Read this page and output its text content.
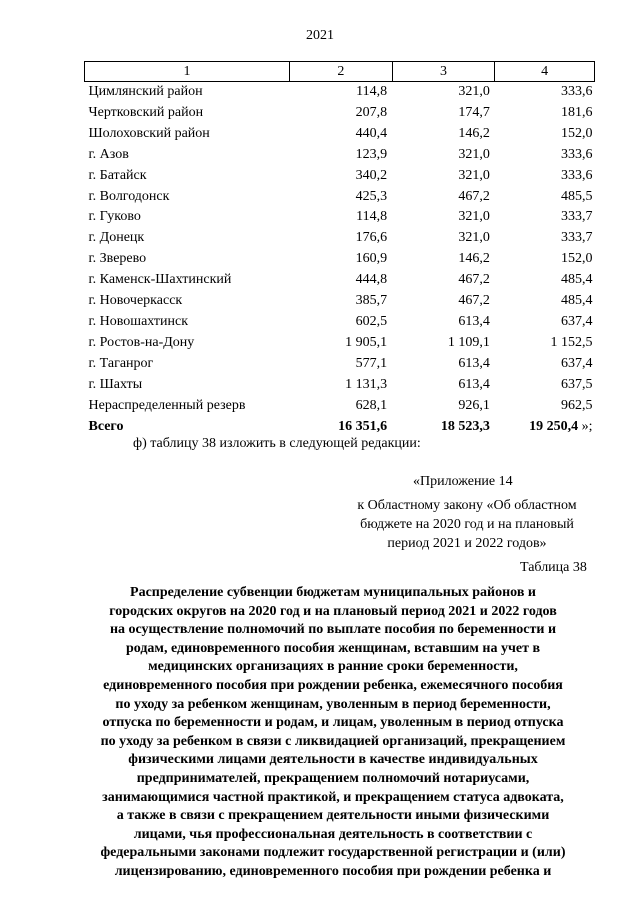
2021
1	2	3	4
Цимлянский район	114,8	321,0	333,6
Чертковский район	207,8	174,7	181,6
Шолоховский район	440,4	146,2	152,0
г. Азов	123,9	321,0	333,6
г. Батайск	340,2	321,0	333,6
г. Волгодонск	425,3	467,2	485,5
г. Гуково	114,8	321,0	333,7
г. Донецк	176,6	321,0	333,7
г. Зверево	160,9	146,2	152,0
г. Каменск-Шахтинский	444,8	467,2	485,4
г. Новочеркасск	385,7	467,2	485,4
г. Новошахтинск	602,5	613,4	637,4
г. Ростов-на-Дону	1 905,1	1 109,1	1 152,5
г. Таганрог	577,1	613,4	637,4
г. Шахты	1 131,3	613,4	637,5
Нераспределенный резерв	628,1	926,1	962,5
Всего	16 351,6	18 523,3	19 250,4 »;
ф) таблицу 38 изложить в следующей редакции:
«Приложение 14
к Областному закону «Об областном
бюджете на 2020 год и на плановый
период 2021 и 2022 годов»
Таблица 38
Распределение субвенции бюджетам муниципальных районов и
городских округов на 2020 год и на плановый период 2021 и 2022 годов
на осуществление полномочий по выплате пособия по беременности и
родам, единовременного пособия женщинам, вставшим на учет в
медицинских организациях в ранние сроки беременности,
единовременного пособия при рождении ребенка, ежемесячного пособия
по уходу за ребенком женщинам, уволенным в период беременности,
отпуска по беременности и родам, и лицам, уволенным в период отпуска
по уходу за ребенком в связи с ликвидацией организаций, прекращением
физическими лицами деятельности в качестве индивидуальных
предпринимателей, прекращением полномочий нотариусами,
занимающимися частной практикой, и прекращением статуса адвоката,
а также в связи с прекращением деятельности иными физическими
лицами, чья профессиональная деятельность в соответствии с
федеральными законами подлежит государственной регистрации и (или)
лицензированию, единовременного пособия при рождении ребенка и
